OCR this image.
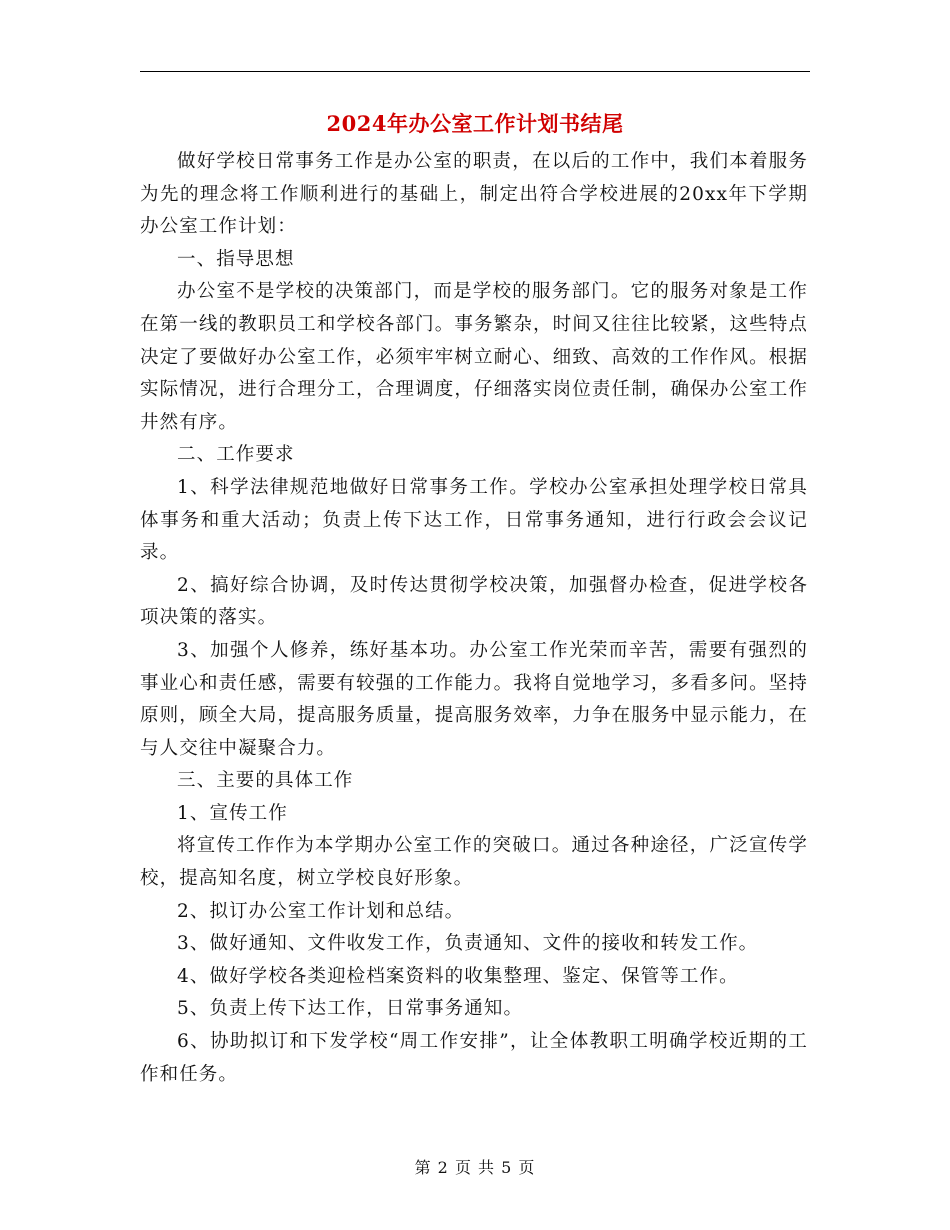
2024年办公室工作计划书结尾

做好学校日常事务工作是办公室的职责，在以后的工作中，我们本着服务为先的理念将工作顺利进行的基础上，制定出符合学校进展的20xx年下学期办公室工作计划：

一、指导思想

办公室不是学校的决策部门，而是学校的服务部门。它的服务对象是工作在第一线的教职员工和学校各部门。事务繁杂，时间又往往比较紧，这些特点决定了要做好办公室工作，必须牢牢树立耐心、细致、高效的工作作风。根据实际情况，进行合理分工，合理调度，仔细落实岗位责任制，确保办公室工作井然有序。

二、工作要求

1、科学法律规范地做好日常事务工作。学校办公室承担处理学校日常具体事务和重大活动；负责上传下达工作，日常事务通知，进行行政会会议记录。

2、搞好综合协调，及时传达贯彻学校决策，加强督办检查，促进学校各项决策的落实。

3、加强个人修养，练好基本功。办公室工作光荣而辛苦，需要有强烈的事业心和责任感，需要有较强的工作能力。我将自觉地学习，多看多问。坚持原则，顾全大局，提高服务质量，提高服务效率，力争在服务中显示能力，在与人交往中凝聚合力。

三、主要的具体工作

1、宣传工作

将宣传工作作为本学期办公室工作的突破口。通过各种途径，广泛宣传学校，提高知名度，树立学校良好形象。

2、拟订办公室工作计划和总结。

3、做好通知、文件收发工作，负责通知、文件的接收和转发工作。

4、做好学校各类迎检档案资料的收集整理、鉴定、保管等工作。

5、负责上传下达工作，日常事务通知。

6、协助拟订和下发学校“周工作安排”，让全体教职工明确学校近期的工作和任务。

第 2 页 共 5 页
